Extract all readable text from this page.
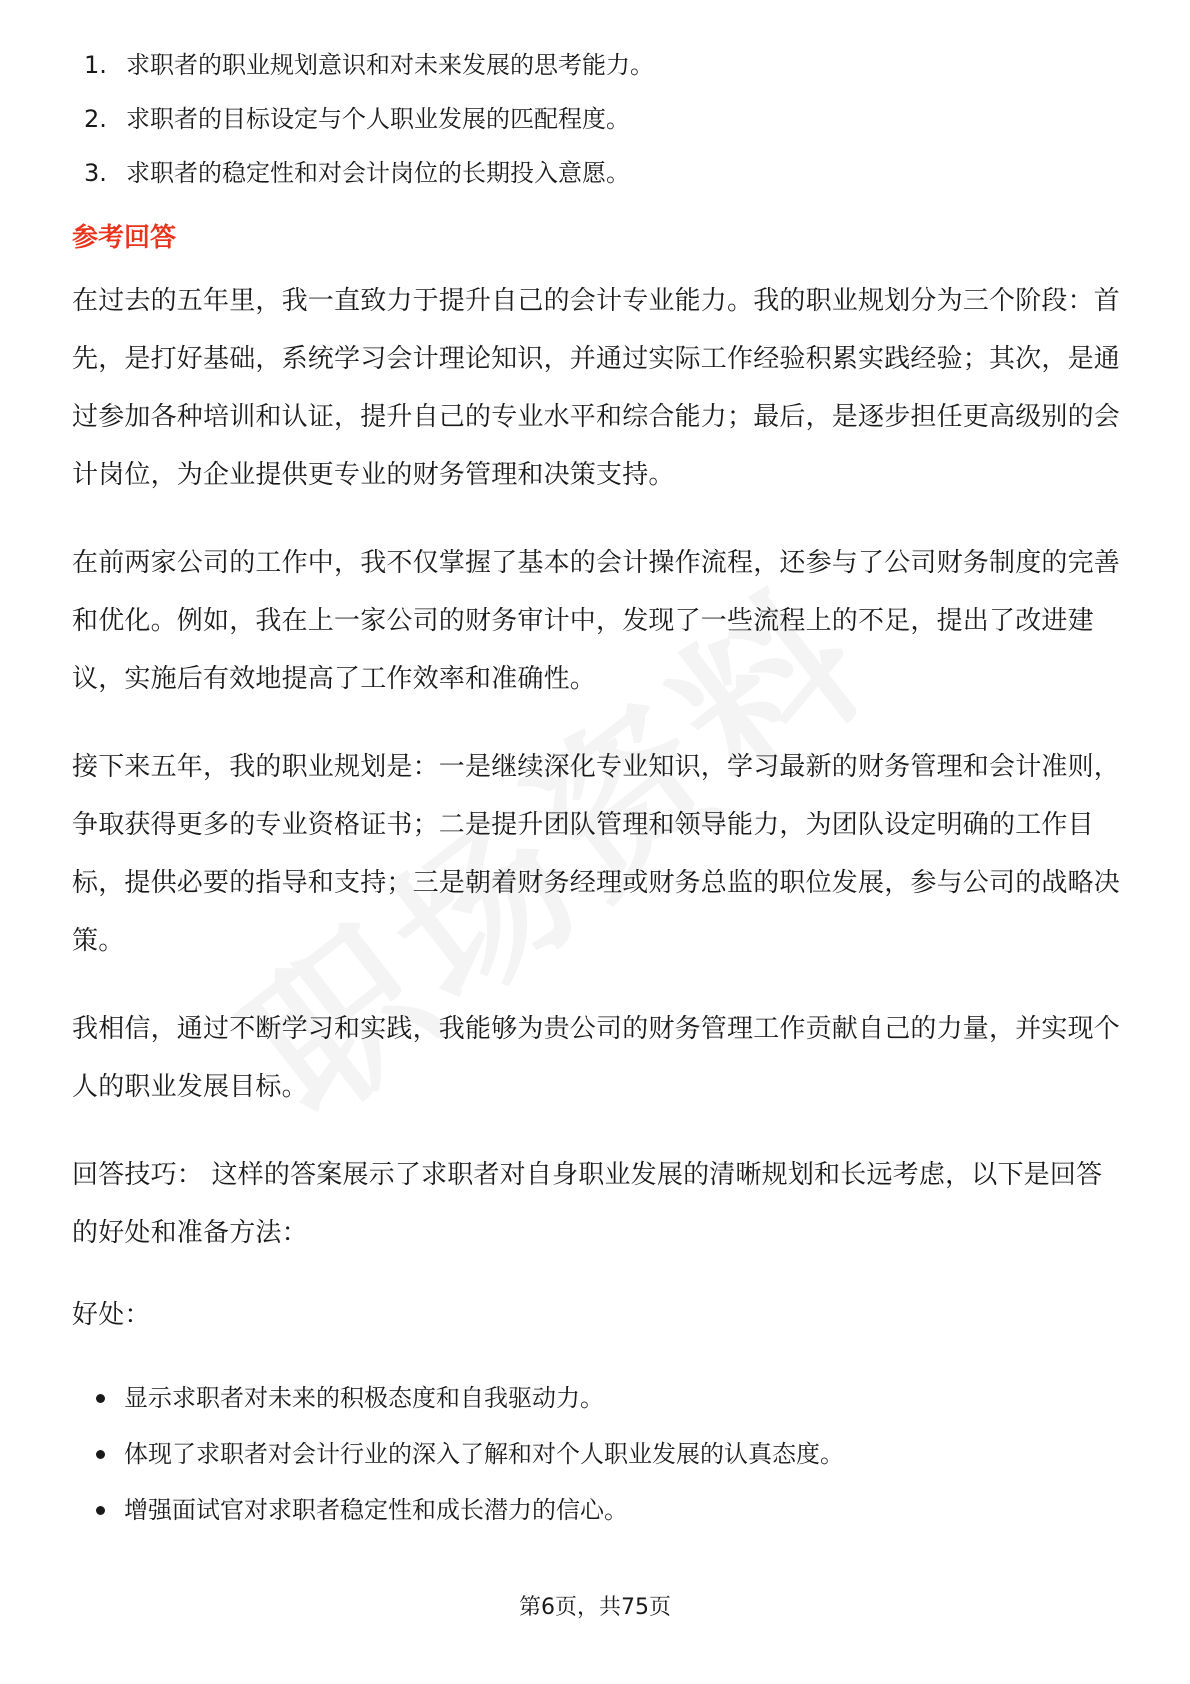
1. 求职者的职业规划意识和对未来发展的思考能力。
2. 求职者的目标设定与个人职业发展的匹配程度。
3. 求职者的稳定性和对会计岗位的长期投入意愿。
参考回答

在过去的五年里，我一直致力于提升自己的会计专业能力。我的职业规划分为三个阶段：首先，是打好基础，系统学习会计理论知识，并通过实际工作经验积累实践经验；其次，是通过参加各种培训和认证，提升自己的专业水平和综合能力；最后，是逐步担任更高级别的会计岗位，为企业提供更专业的财务管理和决策支持。

在前两家公司的工作中，我不仅掌握了基本的会计操作流程，还参与了公司财务制度的完善和优化。例如，我在上一家公司的财务审计中，发现了一些流程上的不足，提出了改进建议，实施后有效地提高了工作效率和准确性。

接下来五年，我的职业规划是：一是继续深化专业知识，学习最新的财务管理和会计准则，争取获得更多的专业资格证书；二是提升团队管理和领导能力，为团队设定明确的工作目标，提供必要的指导和支持；三是朝着财务经理或财务总监的职位发展，参与公司的战略决策。

我相信，通过不断学习和实践，我能够为贵公司的财务管理工作贡献自己的力量，并实现个人的职业发展目标。

回答技巧： 这样的答案展示了求职者对自身职业发展的清晰规划和长远考虑，以下是回答的好处和准备方法：

好处：

显示求职者对未来的积极态度和自我驱动力。
体现了求职者对会计行业的深入了解和对个人职业发展的认真态度。
增强面试官对求职者稳定性和成长潜力的信心。
第6页，共75页
